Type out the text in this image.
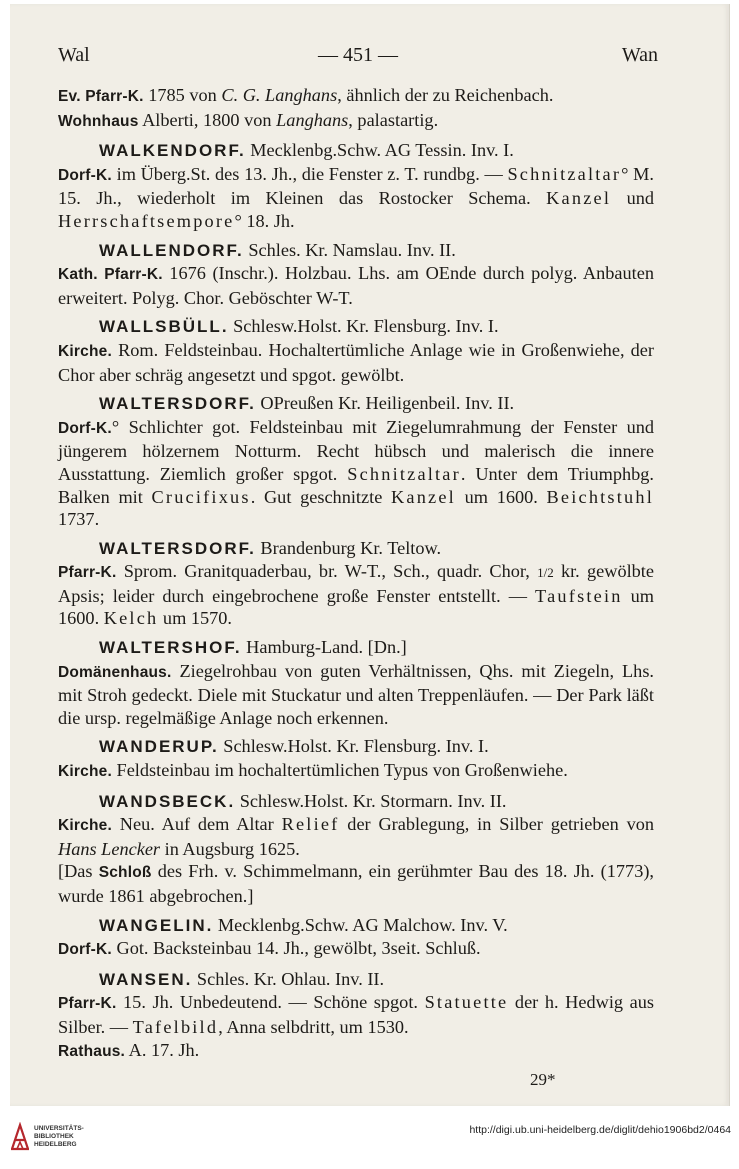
Wal	— 451 —	Wan

Ev. Pfarr-K. 1785 von C. G. Langhans, ähnlich der zu Reichenbach.

Wohnhaus Alberti, 1800 von Langhans, palastartig.

WALKENDORF. Mecklenbg.Schw. AG Tessin. Inv. I.

Dorf-K. im Überg.St. des 13. Jh., die Fenster z. T. rundbg. — Schnitzaltar° M. 15. Jh., wiederholt im Kleinen das Rostocker Schema. Kanzel und Herrschaftsempore° 18. Jh.

WALLENDORF. Schles. Kr. Namslau. Inv. II.

Kath. Pfarr-K. 1676 (Inschr.). Holzbau. Lhs. am OEnde durch polyg. Anbauten erweitert. Polyg. Chor. Geböschter W-T.

WALLSBÜLL. Schlesw.Holst. Kr. Flensburg. Inv. I.

Kirche. Rom. Feldsteinbau. Hochaltertümliche Anlage wie in Großenwiehe, der Chor aber schräg angesetzt und spgot. gewölbt.

WALTERSDORF. OPreußen Kr. Heiligenbeil. Inv. II.

Dorf-K.° Schlichter got. Feldsteinbau mit Ziegelumrahmung der Fenster und jüngerem hölzernem Notturm. Recht hübsch und malerisch die innere Ausstattung. Ziemlich großer spgot. Schnitzaltar. Unter dem Triumphbg. Balken mit Crucifixus. Gut geschnitzte Kanzel um 1600. Beichtstuhl 1737.

WALTERSDORF. Brandenburg Kr. Teltow.

Pfarr-K. Sprom. Granitquaderbau, br. W-T., Sch., quadr. Chor, 1/2 kr. gewölbte Apsis; leider durch eingebrochene große Fenster entstellt. — Taufstein um 1600. Kelch um 1570.

WALTERSHOF. Hamburg-Land. [Dn.]

Domänenhaus. Ziegelrohbau von guten Verhältnissen, Qhs. mit Ziegeln, Lhs. mit Stroh gedeckt. Diele mit Stuckatur und alten Treppenläufen. — Der Park läßt die ursp. regelmäßige Anlage noch erkennen.

WANDERUP. Schlesw.Holst. Kr. Flensburg. Inv. I.

Kirche. Feldsteinbau im hochaltertümlichen Typus von Großenwiehe.

WANDSBECK. Schlesw.Holst. Kr. Stormarn. Inv. II.

Kirche. Neu. Auf dem Altar Relief der Grablegung, in Silber getrieben von Hans Lencker in Augsburg 1625.

[Das Schloß des Frh. v. Schimmelmann, ein gerühmter Bau des 18. Jh. (1773), wurde 1861 abgebrochen.]

WANGELIN. Mecklenbg.Schw. AG Malchow. Inv. V.

Dorf-K. Got. Backsteinbau 14. Jh., gewölbt, 3seit. Schluß.

WANSEN. Schles. Kr. Ohlau. Inv. II.

Pfarr-K. 15. Jh. Unbedeutend. — Schöne spgot. Statuette der h. Hedwig aus Silber. — Tafelbild, Anna selbdritt, um 1530.

Rathaus. A. 17. Jh.

29*
UNIVERSITÄTS-
BIBLIOTHEK
HEIDELBERG
http://digi.ub.uni-heidelberg.de/diglit/dehio1906bd2/0464
